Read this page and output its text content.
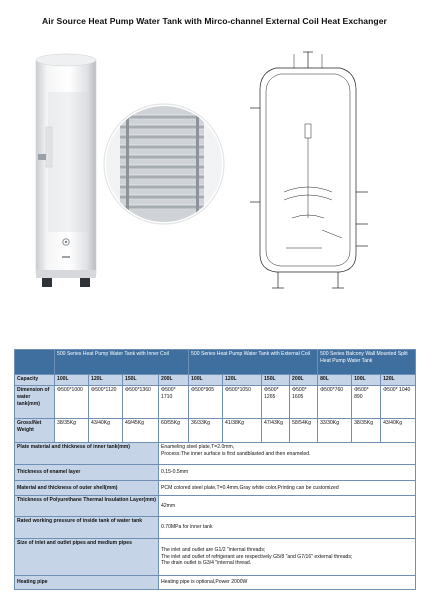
Air Source Heat Pump Water Tank with Mirco-channel External Coil Heat Exchanger
	500 Series Heat Pump Water Tank with Inner Coil				500 Series Heat Pump Water Tank with External Coil				500 Series Balcony Wall Mounted Split Heat Pump Water Tank		
Capacity	100L	120L	150L	200L	100L	120L	150L	200L	80L	100L	120L
Dimension of water tank(mm)	Φ500*1000	Φ500*1120	Φ500*1360	Φ500* 1710	Φ500*905	Φ500*1050	Φ500* 1265	Φ500* 1605	Φ500*760	Φ500* 890	Φ500* 1040
Gross/Net Weight	38/35Kg	43/40Kg	49/45Kg	60/55Kg	36/33Kg	41/38Kg	47/43Kg	58/54Kg	33/30Kg	38/35Kg	43/40Kg
Plate material and thickness of inner tank(mm)				Enameling steel plate,T=2.0mm,
Process:The inner surface is first sandblasted and then enameled.							
Thickness of enamel layer				0.15-0.5mm							
Material and thickness of outer shell(mm)				PCM colored steel plate,T=0.4mm,Gray white color,Printing can be customized							
Thickness of Polyurethane Thermal Insulation Layer(mm)				42mm							
Rated working pressure of inside tank of water tank				0.70MPa for inner tank							
Size of inlet and outlet pipes and medium pipes				The inlet and outlet are G1/2 "internal threads;
The inlet and outlet of refrigerant are respectively G5/8 "and G7/16" external threads;
The drain outlet is G3/4 "internal thread.							
Heating pipe				Heating pipe is optional,Power 2000W							
